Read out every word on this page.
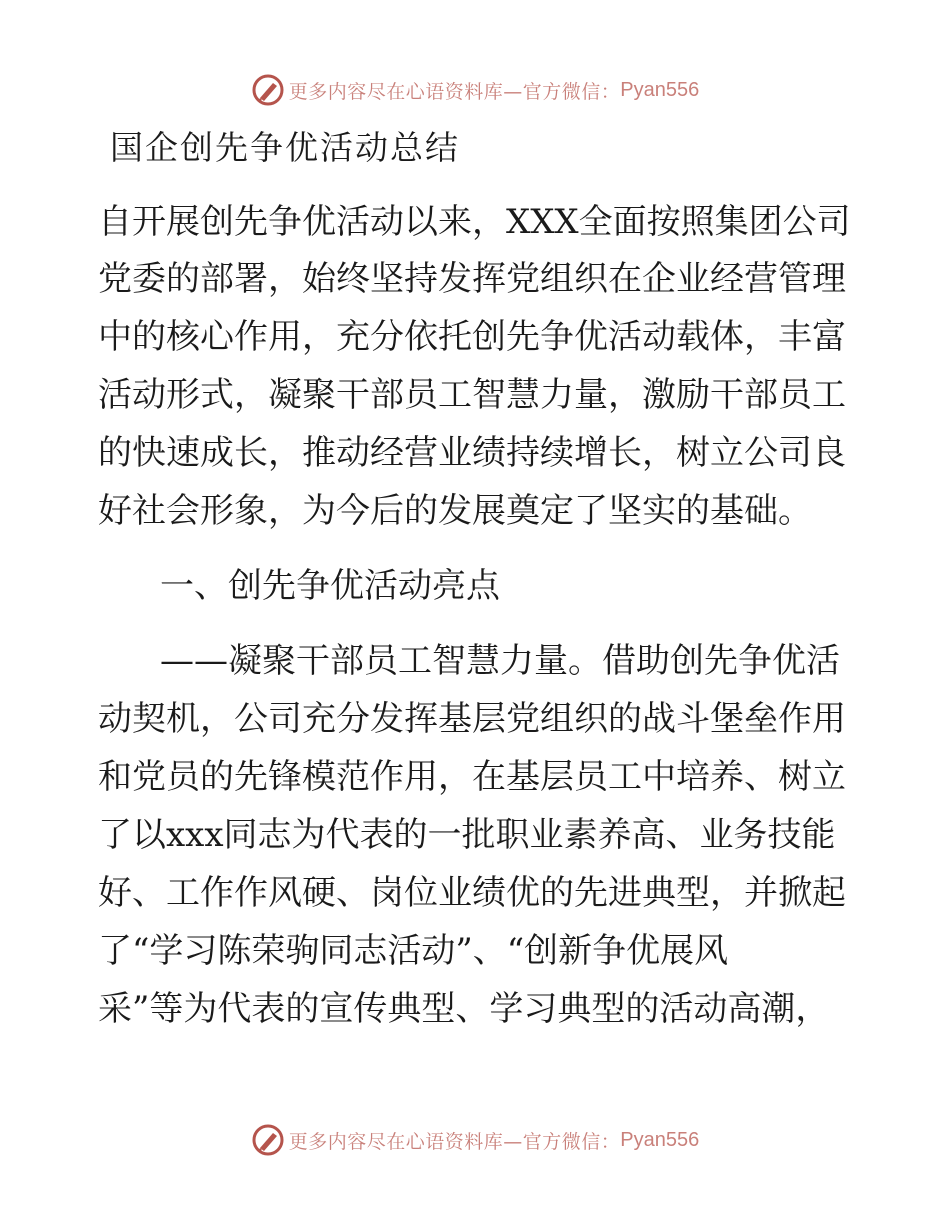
更多内容尽在心语资料库—官方微信： Pyan556
国企创先争优活动总结
自开展创先争优活动以来，XXX全面按照集团公司
党委的部署，始终坚持发挥党组织在企业经营管理
中的核心作用，充分依托创先争优活动载体，丰富
活动形式，凝聚干部员工智慧力量，激励干部员工
的快速成长，推动经营业绩持续增长，树立公司良
好社会形象，为今后的发展奠定了坚实的基础。
一、创先争优活动亮点
——凝聚干部员工智慧力量。借助创先争优活
动契机，公司充分发挥基层党组织的战斗堡垒作用
和党员的先锋模范作用，在基层员工中培养、树立
了以xxx同志为代表的一批职业素养高、业务技能
好、工作作风硬、岗位业绩优的先进典型，并掀起
了“学习陈荣驹同志活动”、“创新争优展风
采”等为代表的宣传典型、学习典型的活动高潮，
更多内容尽在心语资料库—官方微信： Pyan556
